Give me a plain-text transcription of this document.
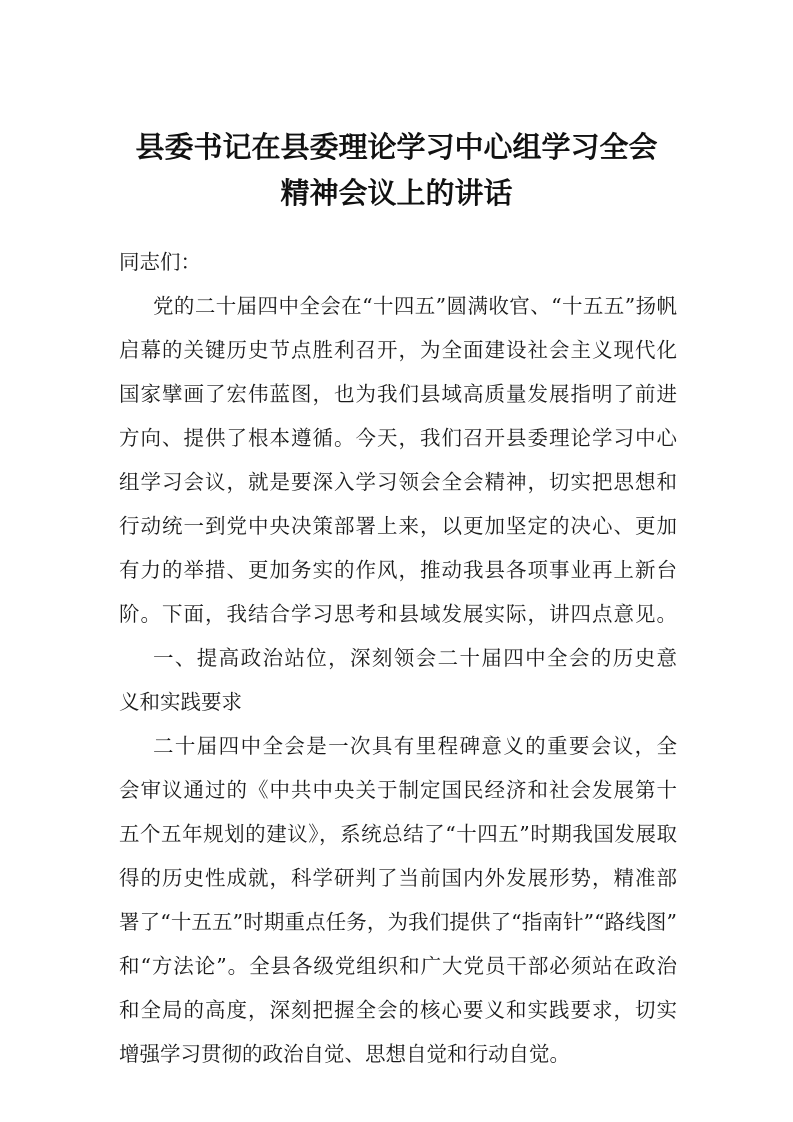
县委书记在县委理论学习中心组学习全会
精神会议上的讲话
同志们：
党的二十届四中全会在“十四五”圆满收官、“十五五”扬帆
启幕的关键历史节点胜利召开，为全面建设社会主义现代化
国家擘画了宏伟蓝图，也为我们县域高质量发展指明了前进
方向、提供了根本遵循。今天，我们召开县委理论学习中心
组学习会议，就是要深入学习领会全会精神，切实把思想和
行动统一到党中央决策部署上来，以更加坚定的决心、更加
有力的举措、更加务实的作风，推动我县各项事业再上新台
阶。下面，我结合学习思考和县域发展实际，讲四点意见。
一、提高政治站位，深刻领会二十届四中全会的历史意
义和实践要求
二十届四中全会是一次具有里程碑意义的重要会议，全
会审议通过的《中共中央关于制定国民经济和社会发展第十
五个五年规划的建议》，系统总结了“十四五”时期我国发展取
得的历史性成就，科学研判了当前国内外发展形势，精准部
署了“十五五”时期重点任务，为我们提供了“指南针”“路线图”
和“方法论”。全县各级党组织和广大党员干部必须站在政治
和全局的高度，深刻把握全会的核心要义和实践要求，切实
增强学习贯彻的政治自觉、思想自觉和行动自觉。
